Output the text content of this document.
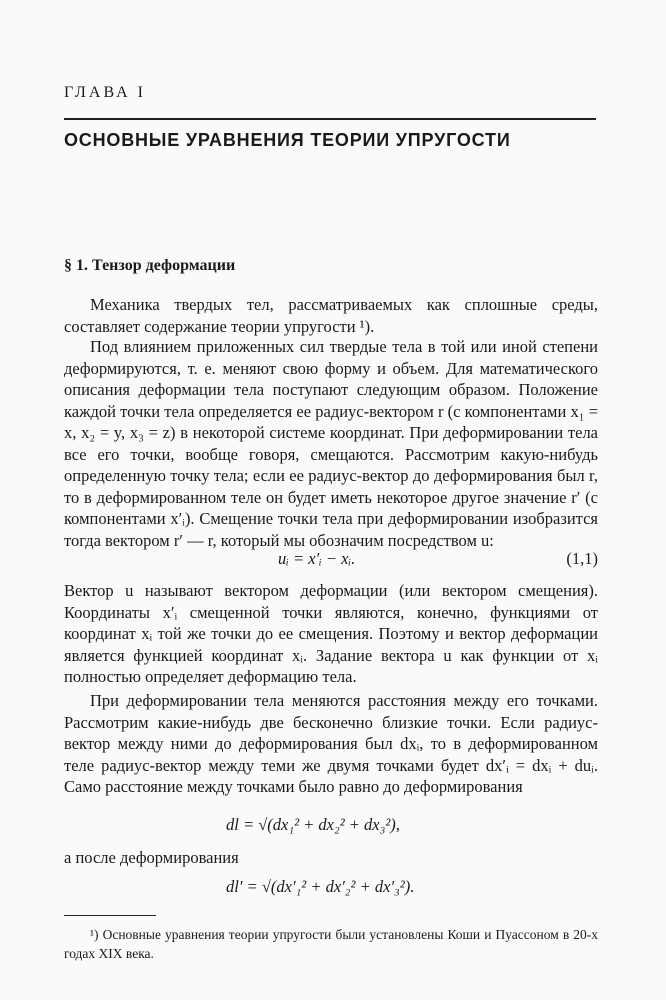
ГЛАВА I
ОСНОВНЫЕ УРАВНЕНИЯ ТЕОРИИ УПРУГОСТИ
§ 1. Тензор деформации
Механика твердых тел, рассматриваемых как сплошные среды, составляет содержание теории упругости ¹).
Под влиянием приложенных сил твердые тела в той или иной степени деформируются, т. е. меняют свою форму и объем. Для математического описания деформации тела поступают следующим образом. Положение каждой точки тела определяется ее радиус-вектором r (с компонентами x₁ = x, x₂ = y, x₃ = z) в некоторой системе координат. При деформировании тела все его точки, вообще говоря, смещаются. Рассмотрим какую-нибудь определенную точку тела; если ее радиус-вектор до деформирования был r, то в деформированном теле он будет иметь некоторое другое значение r′ (с компонентами x′ᵢ). Смещение точки тела при деформировании изобразится тогда вектором r′ — r, который мы обозначим посредством u:
uᵢ = x′ᵢ − xᵢ.	(1,1)
Вектор u называют вектором деформации (или вектором смещения). Координаты x′ᵢ смещенной точки являются, конечно, функциями от координат xᵢ той же точки до ее смещения. Поэтому и вектор деформации является функцией координат xᵢ. Задание вектора u как функции от xᵢ полностью определяет деформацию тела.
При деформировании тела меняются расстояния между его точками. Рассмотрим какие-нибудь две бесконечно близкие точки. Если радиус-вектор между ними до деформирования был dxᵢ, то в деформированном теле радиус-вектор между теми же двумя точками будет dx′ᵢ = dxᵢ + duᵢ. Само расстояние между точками было равно до деформирования
dl = √(dx₁² + dx₂² + dx₃²),
а после деформирования
dl′ = √(dx′₁² + dx′₂² + dx′₃²).
¹) Основные уравнения теории упругости были установлены Коши и Пуассоном в 20-х годах XIX века.
